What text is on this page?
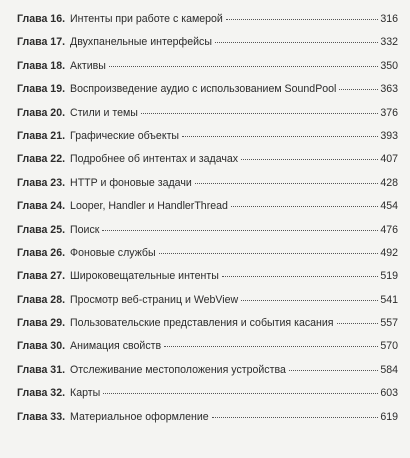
Глава 16. Интенты при работе с камерой	316
Глава 17. Двухпанельные интерфейсы	332
Глава 18. Активы	350
Глава 19. Воспроизведение аудио с использованием SoundPool	363
Глава 20. Стили и темы	376
Глава 21. Графические объекты	393
Глава 22. Подробнее об интентах и задачах	407
Глава 23. HTTP и фоновые задачи	428
Глава 24. Looper, Handler и HandlerThread	454
Глава 25. Поиск	476
Глава 26. Фоновые службы	492
Глава 27. Широковещательные интенты	519
Глава 28. Просмотр веб-страниц и WebView	541
Глава 29. Пользовательские представления и события касания	557
Глава 30. Анимация свойств	570
Глава 31. Отслеживание местоположения устройства	584
Глава 32. Карты	603
Глава 33. Материальное оформление	619
